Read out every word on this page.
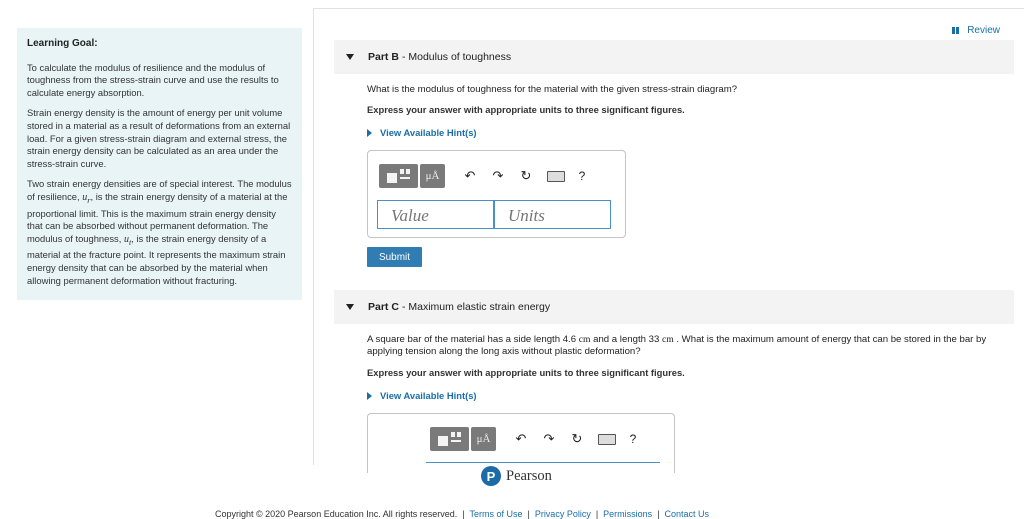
Learning Goal:

To calculate the modulus of resilience and the modulus of toughness from the stress-strain curve and use the results to calculate energy absorption.

Strain energy density is the amount of energy per unit volume stored in a material as a result of deformations from an external load. For a given stress-strain diagram and external stress, the strain energy density can be calculated as an area under the stress-strain curve.

Two strain energy densities are of special interest. The modulus of resilience, $u_r$, is the strain energy density of a material at the proportional limit. This is the maximum strain energy density that can be absorbed without permanent deformation. The modulus of toughness, $u_t$, is the strain energy density of a material at the fracture point. It represents the maximum strain energy density that can be absorbed by the material when allowing permanent deformation without fracturing.

Review
Part B - Modulus of toughness
What is the modulus of toughness for the material with the given stress-strain diagram?
Express your answer with appropriate units to three significant figures.
View Available Hint(s)
μÅ	↶ ↷ ↻	?
Value
Units
Submit
Part C - Maximum elastic strain energy
A square bar of the material has a side length 4.6 cm and a length 33 cm . What is the maximum amount of energy that can be stored in the bar by applying tension along the long axis without plastic deformation?
Express your answer with appropriate units to three significant figures.
View Available Hint(s)
μÅ	↶ ↷ ↻	?
P Pearson
Copyright © 2020 Pearson Education Inc. All rights reserved.  |  Terms of Use  |  Privacy Policy  |  Permissions  |  Contact Us
